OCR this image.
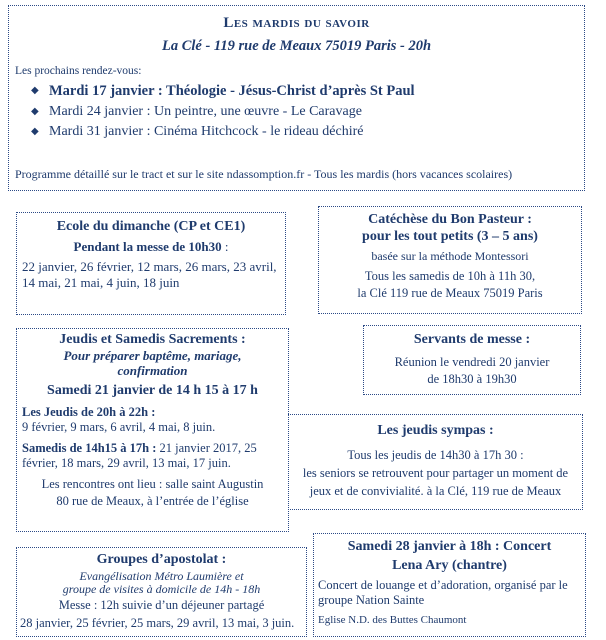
Les mardis du savoir

La Clé - 119 rue de Meaux 75019 Paris - 20h

Les prochains rendez-vous:

◆ Mardi 17 janvier : Théologie - Jésus-Christ d’après St Paul
◆ Mardi 24 janvier : Un peintre, une œuvre - Le Caravage
◆ Mardi 31 janvier : Cinéma Hitchcock - le rideau déchiré

Programme détaillé sur le tract et sur le site ndassomption.fr - Tous les mardis (hors vacances scolaires)

Ecole du dimanche (CP et CE1)

Pendant la messe de 10h30 :

22 janvier, 26 février, 12 mars, 26 mars, 23 avril, 14 mai, 21 mai, 4 juin, 18 juin

Catéchèse du Bon Pasteur :

pour les tout petits (3 – 5 ans)

basée sur la méthode Montessori

Tous les samedis de 10h à 11h 30,

la Clé 119 rue de Meaux 75019 Paris

Jeudis et Samedis Sacrements :

Pour préparer baptême, mariage,

confirmation

Samedi 21 janvier de 14 h 15 à 17 h

Les Jeudis de 20h à 22h :
9 février, 9 mars, 6 avril, 4 mai, 8 juin.

Samedis de 14h15 à 17h : 21 janvier 2017, 25 février, 18 mars, 29 avril, 13 mai, 17 juin.

Les rencontres ont lieu : salle saint Augustin

80 rue de Meaux, à l’entrée de l’église

Servants de messe :

Réunion le vendredi 20 janvier

de 18h30 à 19h30

Les jeudis sympas :

Tous les jeudis de 14h30 à 17h 30 :

les seniors se retrouvent pour partager un moment de

jeux et de convivialité. à la Clé, 119 rue de Meaux

Groupes d’apostolat :

Evangélisation Métro Laumière et

groupe de visites à domicile de 14h - 18h

Messe : 12h suivie d’un déjeuner partagé

28 janvier, 25 février, 25 mars, 29 avril, 13 mai, 3 juin.

Samedi 28 janvier à 18h : Concert

Lena Ary (chantre)

Concert de louange et d’adoration, organisé par le groupe Nation Sainte

Eglise N.D. des Buttes Chaumont
